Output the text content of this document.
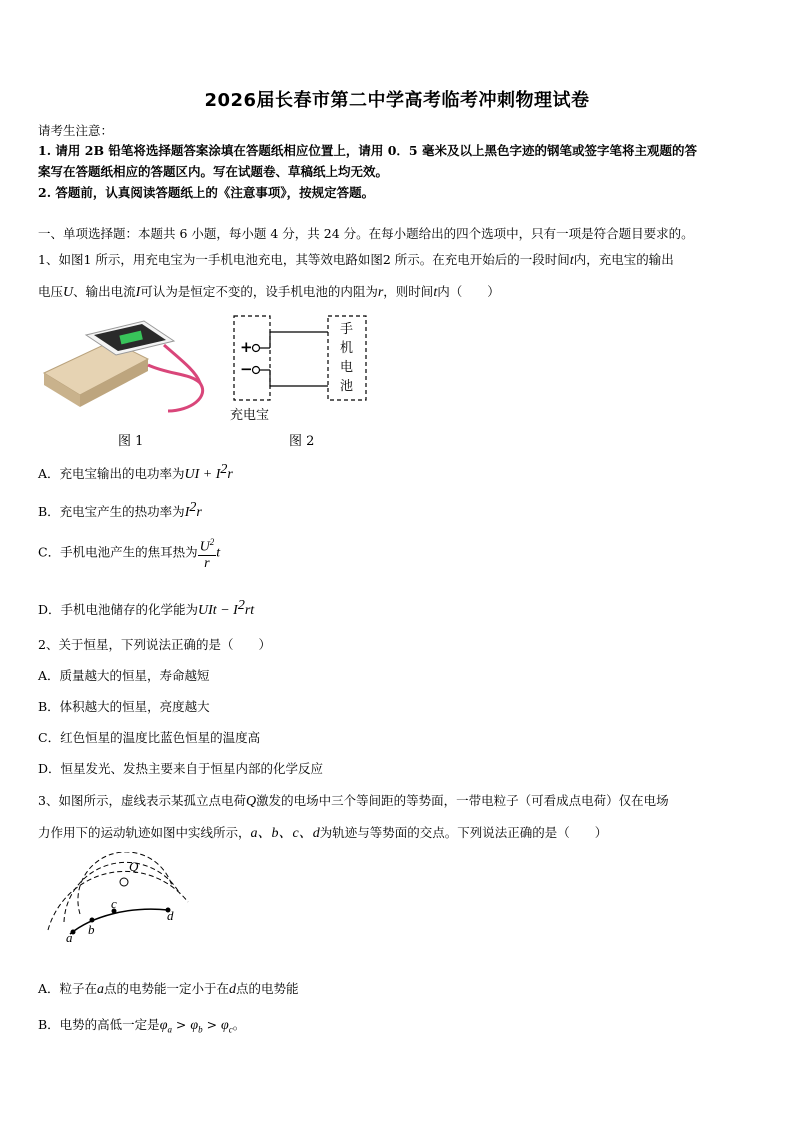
2026届长春市第二中学高考临考冲刺物理试卷
请考生注意：
1. 请用 2B 铅笔将选择题答案涂填在答题纸相应位置上，请用 0．5 毫米及以上黑色字迹的钢笔或签字笔将主观题的答
案写在答题纸相应的答题区内。写在试题卷、草稿纸上均无效。
2. 答题前，认真阅读答题纸上的《注意事项》，按规定答题。
一、单项选择题：本题共 6 小题，每小题 4 分，共 24 分。在每小题给出的四个选项中，只有一项是符合题目要求的。
1、如图1 所示，用充电宝为一手机电池充电，其等效电路如图2 所示。在充电开始后的一段时间t内，充电宝的输出
电压U、输出电流I可认为是恒定不变的，设手机电池的内阻为r，则时间t内（　　）
图 1
+
−
手机电池
充电宝
图 2
A．充电宝输出的电功率为UI + $I^2r$
B．充电宝产生的热功率为$I^2r$
C．手机电池产生的焦耳热为 $\frac{U^2}{r}$ t
D．手机电池储存的化学能为UIt − $I^2rt$
2、关于恒星，下列说法正确的是（　　）
A．质量越大的恒星，寿命越短
B．体积越大的恒星，亮度越大
C．红色恒星的温度比蓝色恒星的温度高
D．恒星发光、发热主要来自于恒星内部的化学反应
3、如图所示，虚线表示某孤立点电荷Q激发的电场中三个等间距的等势面，一带电粒子（可看成点电荷）仅在电场
力作用下的运动轨迹如图中实线所示，a、b、c、d为轨迹与等势面的交点。下列说法正确的是（　　）
Q
a
b
c
d
A．粒子在a点的电势能一定小于在d点的电势能
B．电势的高低一定是$\varphi_a > \varphi_b > \varphi_c$。
